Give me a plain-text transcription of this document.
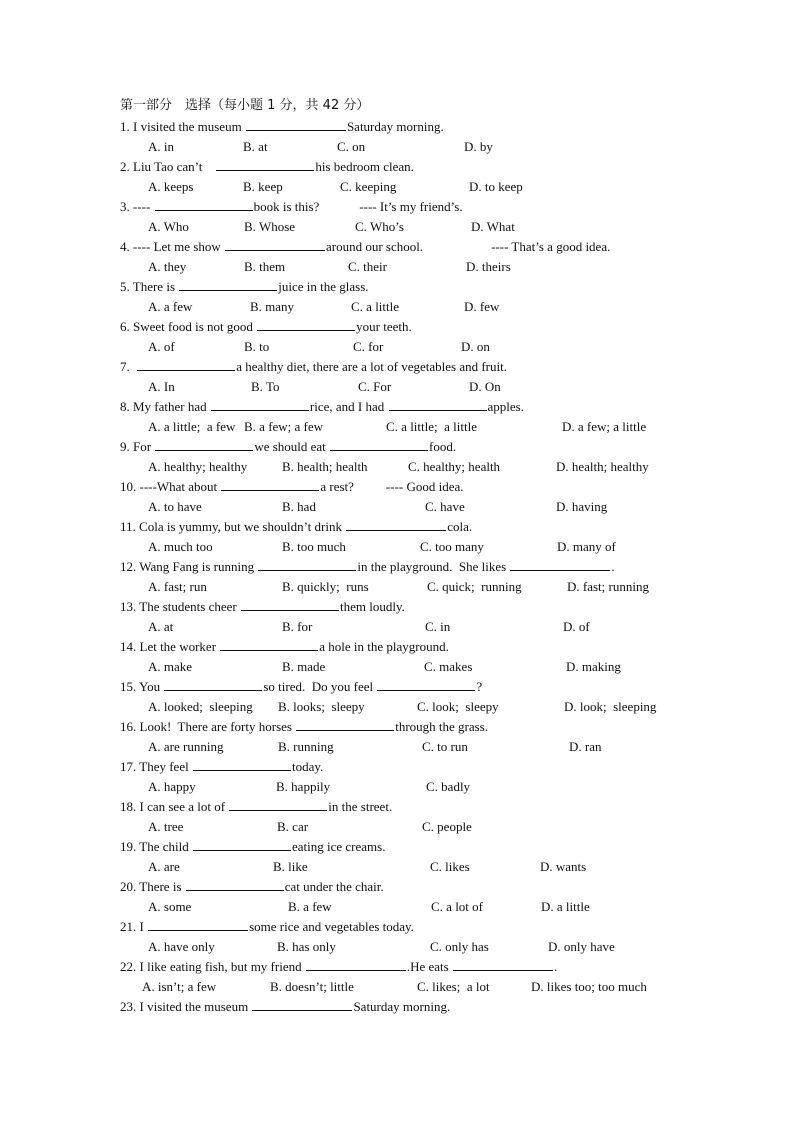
第一部分　选择（每小题 1 分，共 42 分）
1. I visited the museum	Saturday morning.
A. in	B. at	C. on	D. by
2. Liu Tao can’t	his bedroom clean.
A. keeps	B. keep	C. keeping	D. to keep
3. ----	book is this?	---- It’s my friend’s.
A. Who	B. Whose	C. Who’s	D. What
4. ---- Let me show	around our school.	---- That’s a good idea.
A. they	B. them	C. their	D. theirs
5. There is	juice in the glass.
A. a few	B. many	C. a little	D. few
6. Sweet food is not good	your teeth.
A. of	B. to	C. for	D. on
7.	a healthy diet, there are a lot of vegetables and fruit.
A. In	B. To	C. For	D. On
8. My father had	rice, and I had	apples.
A. a little;  a few B. a few; a few	C. a little;  a little	D. a few; a little
9. For	we should eat	food.
A. healthy; healthy	B. health; health	C. healthy; health	D. health; healthy
10. ----What about	a rest? ---- Good idea.
A. to have	B. had	C. have	D. having
11. Cola is yummy, but we shouldn’t drink	cola.
A. much too	B. too much	C. too many	D. many of
12. Wang Fang is running	in the playground.  She likes	.
A. fast; run	B. quickly;  runs	C. quick;  running	D. fast; running
13. The students cheer	them loudly.
A. at	B. for	C. in	D. of
14. Let the worker	a hole in the playground.
A. make	B. made	C. makes	D. making
15. You	so tired.  Do you feel	?
A. looked;  sleeping B. looks;  sleepy	C. look;  sleepy	D. look;  sleeping
16. Look!  There are forty horses	through the grass.
A. are running	B. running	C. to run	D. ran
17. They feel	today.
A. happy	B. happily	C. badly
18. I can see a lot of	in the street.
A. tree	B. car	C. people
19. The child	eating ice creams.
A. are	B. like	C. likes	D. wants
20. There is	cat under the chair.
A. some	B. a few	C. a lot of	D. a little
21. I	some rice and vegetables today.
A. have only	B. has only	C. only has	D. only have
22. I like eating fish, but my friend	.He eats	.
A. isn’t; a few	B. doesn’t; little	C. likes;  a lot	D. likes too; too much
23. I visited the museum	Saturday morning.
